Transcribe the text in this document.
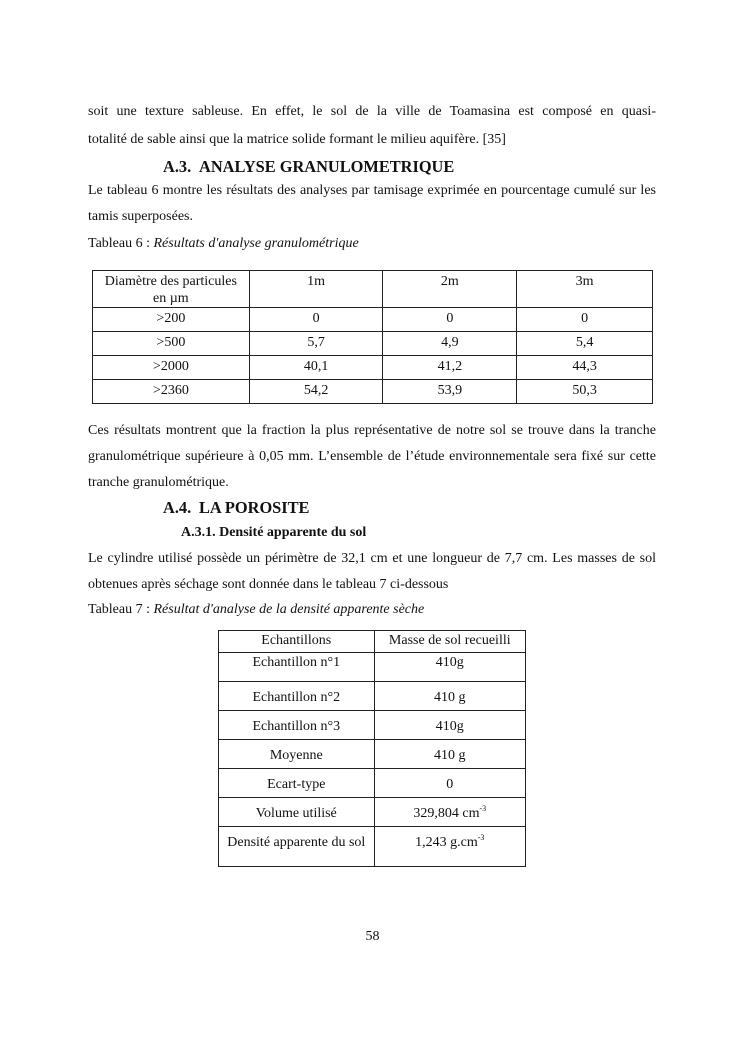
soit une texture sableuse. En effet, le sol de la ville de Toamasina est composé en quasi-

totalité de sable ainsi que la matrice solide formant le milieu aquifère. [35]

A.3. ANALYSE GRANULOMETRIQUE

Le tableau 6 montre les résultats des analyses par tamisage exprimée en pourcentage cumulé sur les tamis superposées.

Tableau 6 : Résultats d'analyse granulométrique

Diamètre des particules en µm	1m	2m	3m
>200	0	0	0
>500	5,7	4,9	5,4
>2000	40,1	41,2	44,3
>2360	54,2	53,9	50,3

Ces résultats montrent que la fraction la plus représentative de notre sol se trouve dans la tranche granulométrique supérieure à 0,05 mm. L’ensemble de l’étude environnementale sera fixé sur cette tranche granulométrique.

A.4. LA POROSITE
A.3.1. Densité apparente du sol

Le cylindre utilisé possède un périmètre de 32,1 cm et une longueur de 7,7 cm. Les masses de sol obtenues après séchage sont donnée dans le tableau 7 ci-dessous

Tableau 7 : Résultat d'analyse de la densité apparente sèche

Echantillons	Masse de sol recueilli
Echantillon n°1	410g
Echantillon n°2	410 g
Echantillon n°3	410g
Moyenne	410 g
Ecart-type	0
Volume utilisé	329,804 $cm^{-3}$
Densité apparente du sol	1,243 $g.cm^{-3}$
58
